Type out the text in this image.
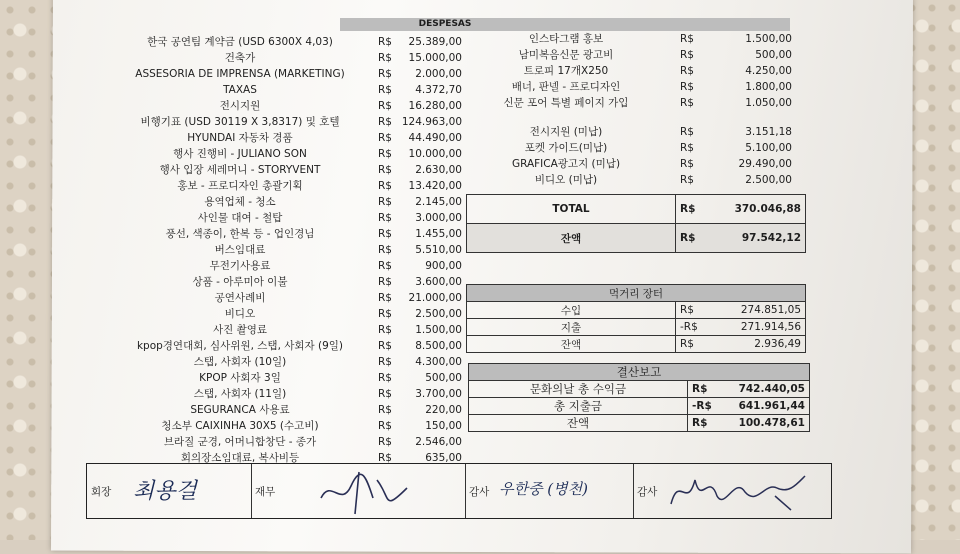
DESPESAS
한국 공연팀 계약금 (USD 6300X 4,03)	R$	25.389,00
건축가	R$	15.000,00
ASSESORIA DE IMPRENSA (MARKETING)	R$	2.000,00
TAXAS	R$	4.372,70
전시지원	R$	16.280,00
비행기표 (USD 30119 X 3,8317) 및 호텔	R$ 124.963,00
HYUNDAI 자동차 경품	R$	44.490,00
행사 진행비 - JULIANO SON	R$	10.000,00
행사 입장 세레머니 - STORYVENT	R$	2.630,00
홍보 - 프로디자인 총괄기획	R$	13.420,00
용역업체 - 청소	R$	2.145,00
사인물 대여 - 철탑	R$	3.000,00
풍선, 색종이, 한복 등 - 업인경님	R$	1.455,00
버스임대료	R$	5.510,00
무전기사용료	R$	900,00
상품 - 아루미아 이불	R$	3.600,00
공연사례비	R$	21.000,00
비디오	R$	2.500,00
사진 촬영료	R$	1.500,00
kpop경연대회, 심사위원, 스탭, 사회자 (9일)	R$	8.500,00
스탭, 사회자 (10일)	R$	4.300,00
KPOP 사회자 3일	R$	500,00
스탭, 사회자 (11일)	R$	3.700,00
SEGURANCA 사용료	R$	220,00
청소부 CAIXINHA 30X5 (수고비)	R$	150,00
브라질 군경, 어머니합창단 - 종가	R$	2.546,00
회의장소임대료, 복사비등	R$	635,00
인스타그램 홍보	R$	1.500,00
남미복음신문 광고비	R$	500,00
트로피 17개X250	R$	4.250,00
배너, 판넬 - 프로디자인	R$	1.800,00
신문 포어 특별 페이지 가입	R$	1.050,00
전시지원 (미납)	R$	3.151,18
포켓 가이드(미납)	R$	5.100,00
GRAFICA광고지 (미납)	R$	29.490,00
비디오 (미납)	R$	2.500,00
TOTAL	R$	370.046,88
잔액	R$	97.542,12
먹거리 장터		
수입	R$	274.851,05
지출	-R$	271.914,56
잔액	R$	2.936,49
결산보고		
문화의날 총 수익금	R$	742.440,05
총 지출금	-R$	641.961,44
잔액	R$	100.478,61
회장 최용걸	재무	감사 우한중 (병천)	감사
